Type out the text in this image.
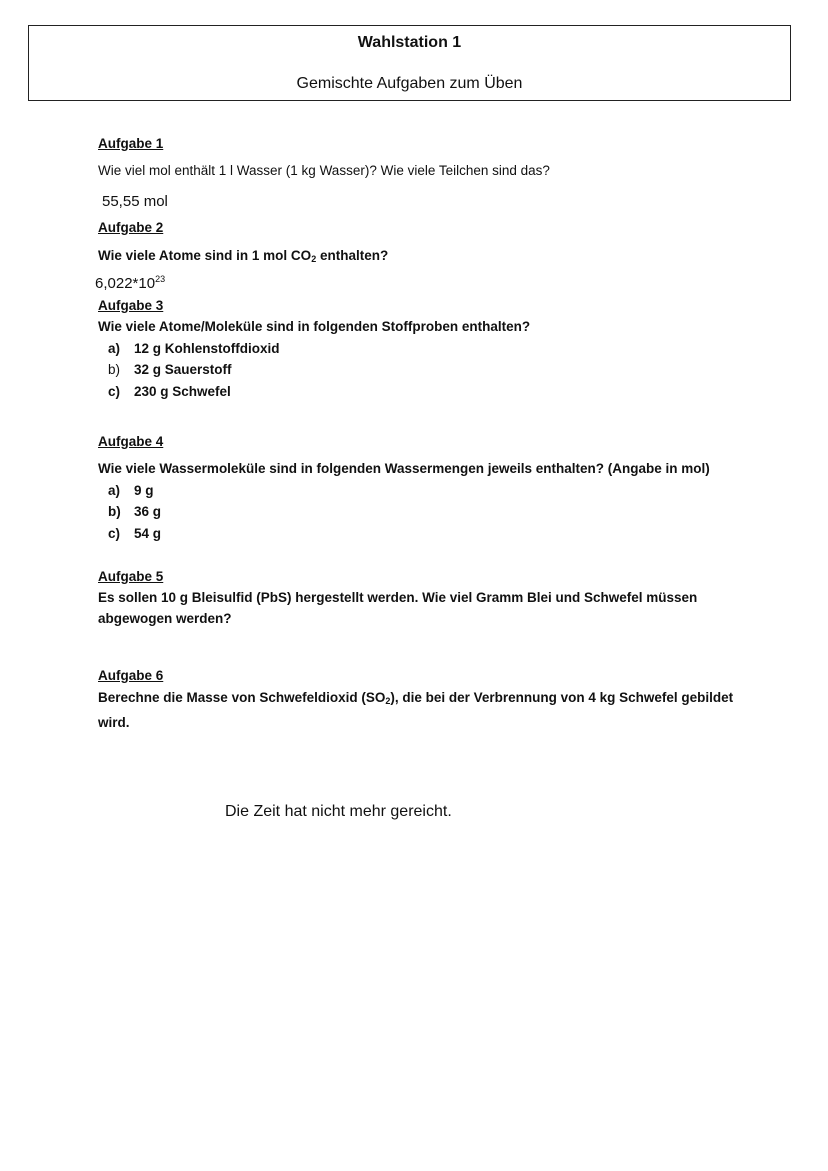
Wahlstation 1
Gemischte Aufgaben zum Üben
Aufgabe 1
Wie viel mol enthält 1 l Wasser (1 kg Wasser)? Wie viele Teilchen sind das?
55,55 mol
Aufgabe 2
Wie viele Atome sind in 1 mol $CO_2$ enthalten?
$6,022*10^{23}$
Aufgabe 3
Wie viele Atome/Moleküle sind in folgenden Stoffproben enthalten?
a) 12 g Kohlenstoffdioxid
b) 32 g Sauerstoff
c) 230 g Schwefel
Aufgabe 4
Wie viele Wassermoleküle sind in folgenden Wassermengen jeweils enthalten? (Angabe in mol)
a) 9 g
b) 36 g
c) 54 g
Aufgabe 5
Es sollen 10 g Bleisulfid (PbS) hergestellt werden. Wie viel Gramm Blei und Schwefel müssen abgewogen werden?
Aufgabe 6
Berechne die Masse von Schwefeldioxid $(SO_2)$, die bei der Verbrennung von 4 kg Schwefel gebildet wird.
Die Zeit hat nicht mehr gereicht.
